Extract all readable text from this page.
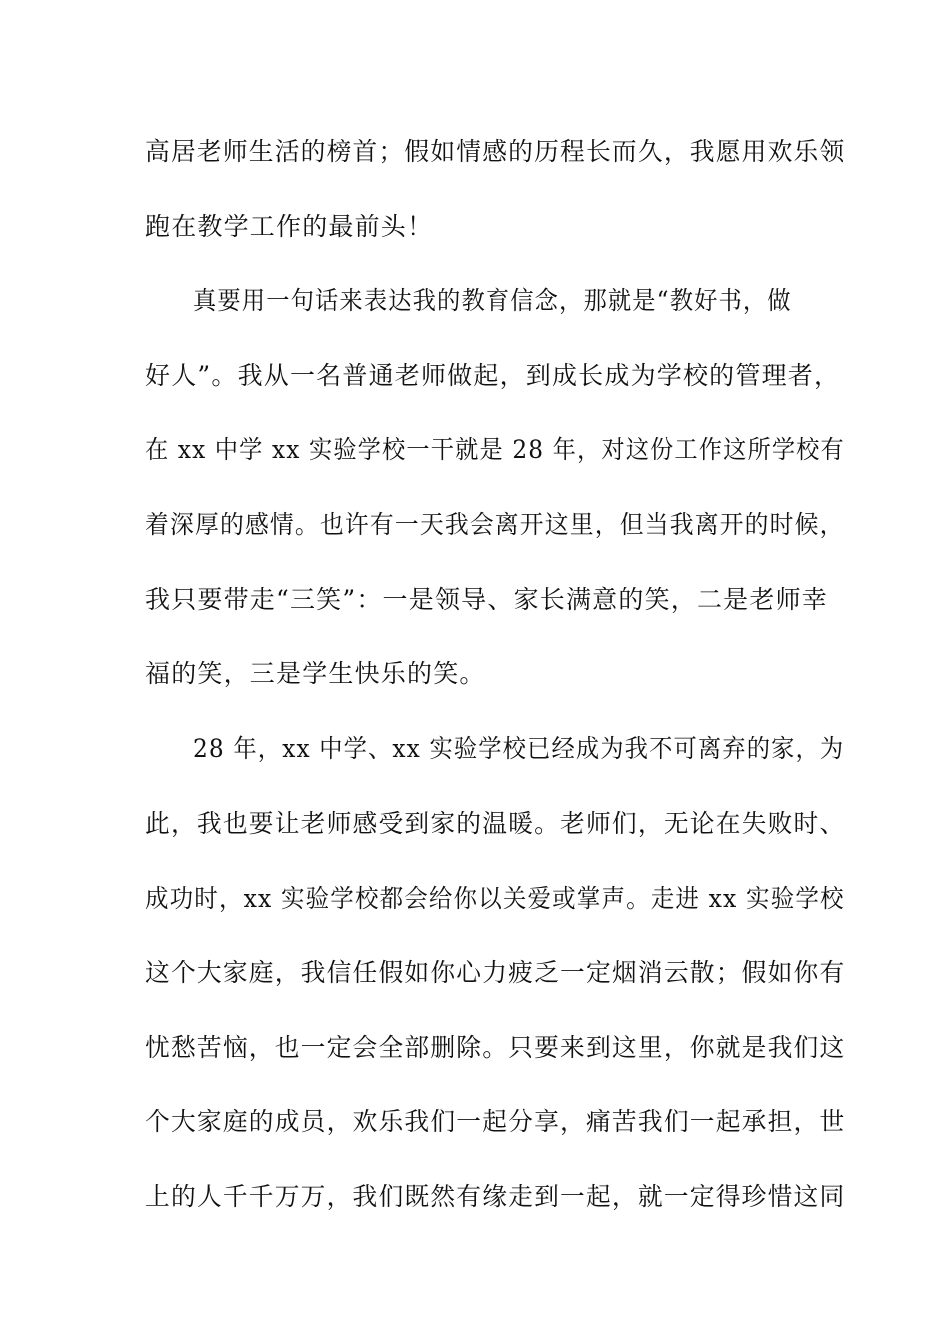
高居老师生活的榜首；假如情感的历程长而久，我愿用欢乐领
跑在教学工作的最前头！
真要用一句话来表达我的教育信念，那就是“教好书，做
好人”。我从一名普通老师做起，到成长成为学校的管理者，
在 xx 中学 xx 实验学校一干就是 28 年，对这份工作这所学校有
着深厚的感情。也许有一天我会离开这里，但当我离开的时候，
我只要带走“三笑”：一是领导、家长满意的笑，二是老师幸
福的笑，三是学生快乐的笑。
28 年，xx 中学、xx 实验学校已经成为我不可离弃的家，为
此，我也要让老师感受到家的温暖。老师们，无论在失败时、
成功时，xx 实验学校都会给你以关爱或掌声。走进 xx 实验学校
这个大家庭，我信任假如你心力疲乏一定烟消云散；假如你有
忧愁苦恼，也一定会全部删除。只要来到这里，你就是我们这
个大家庭的成员，欢乐我们一起分享，痛苦我们一起承担，世
上的人千千万万，我们既然有缘走到一起，就一定得珍惜这同
